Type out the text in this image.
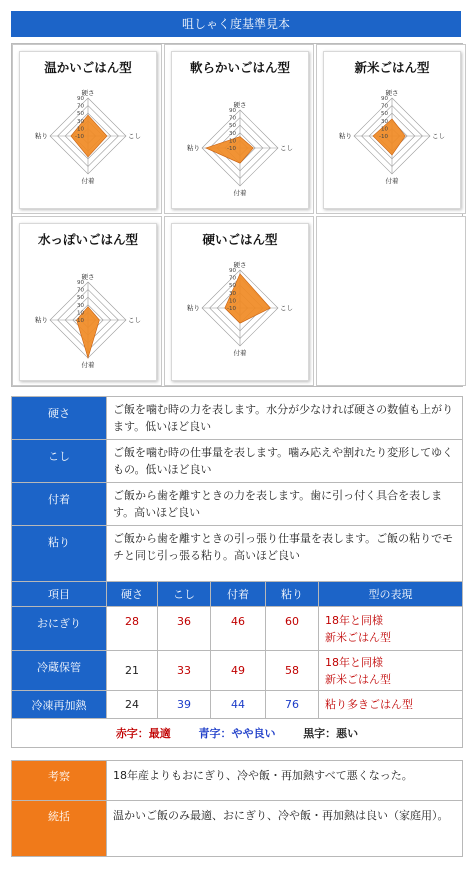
咀しゃく度基準見本
温かいごはん型
90
70
50
30
10
-10
硬さ
こし
付着
粘り
軟らかいごはん型
90
70
50
30
10
-10
硬さ
こし
付着
粘り
新米ごはん型
90
70
50
30
10
-10
硬さ
こし
付着
粘り
水っぽいごはん型
90
70
50
30
10
-10
硬さ
こし
付着
粘り
硬いごはん型
90
70
50
30
10
-10
硬さ
こし
付着
粘り
硬さ	ご飯を噛む時の力を表します。水分が少なければ硬さの数値も上がります。低いほど良い
こし	ご飯を噛む時の仕事量を表します。噛み応えや割れたり変形してゆくもの。低いほど良い
付着	ご飯から歯を離すときの力を表します。歯に引っ付く具合を表します。高いほど良い
粘り	ご飯から歯を離すときの引っ張り仕事量を表します。ご飯の粘りでモチと同じ引っ張る粘り。高いほど良い
項目	硬さ	こし	付着	粘り	型の表現
おにぎり	28	36	46	60	18年と同様
新米ごはん型

冷蔵保管	21	33	49	58	18年と同様
新米ごはん型

冷凍再加熱	24	39	44	76	粘り多きごはん型
赤字：最適 青字：やや良い 黒字：悪い					
考察	18年産よりもおにぎり、冷や飯・再加熱すべて悪くなった。
統括	温かいご飯のみ最適、おにぎり、冷や飯・再加熱は良い（家庭用）。
